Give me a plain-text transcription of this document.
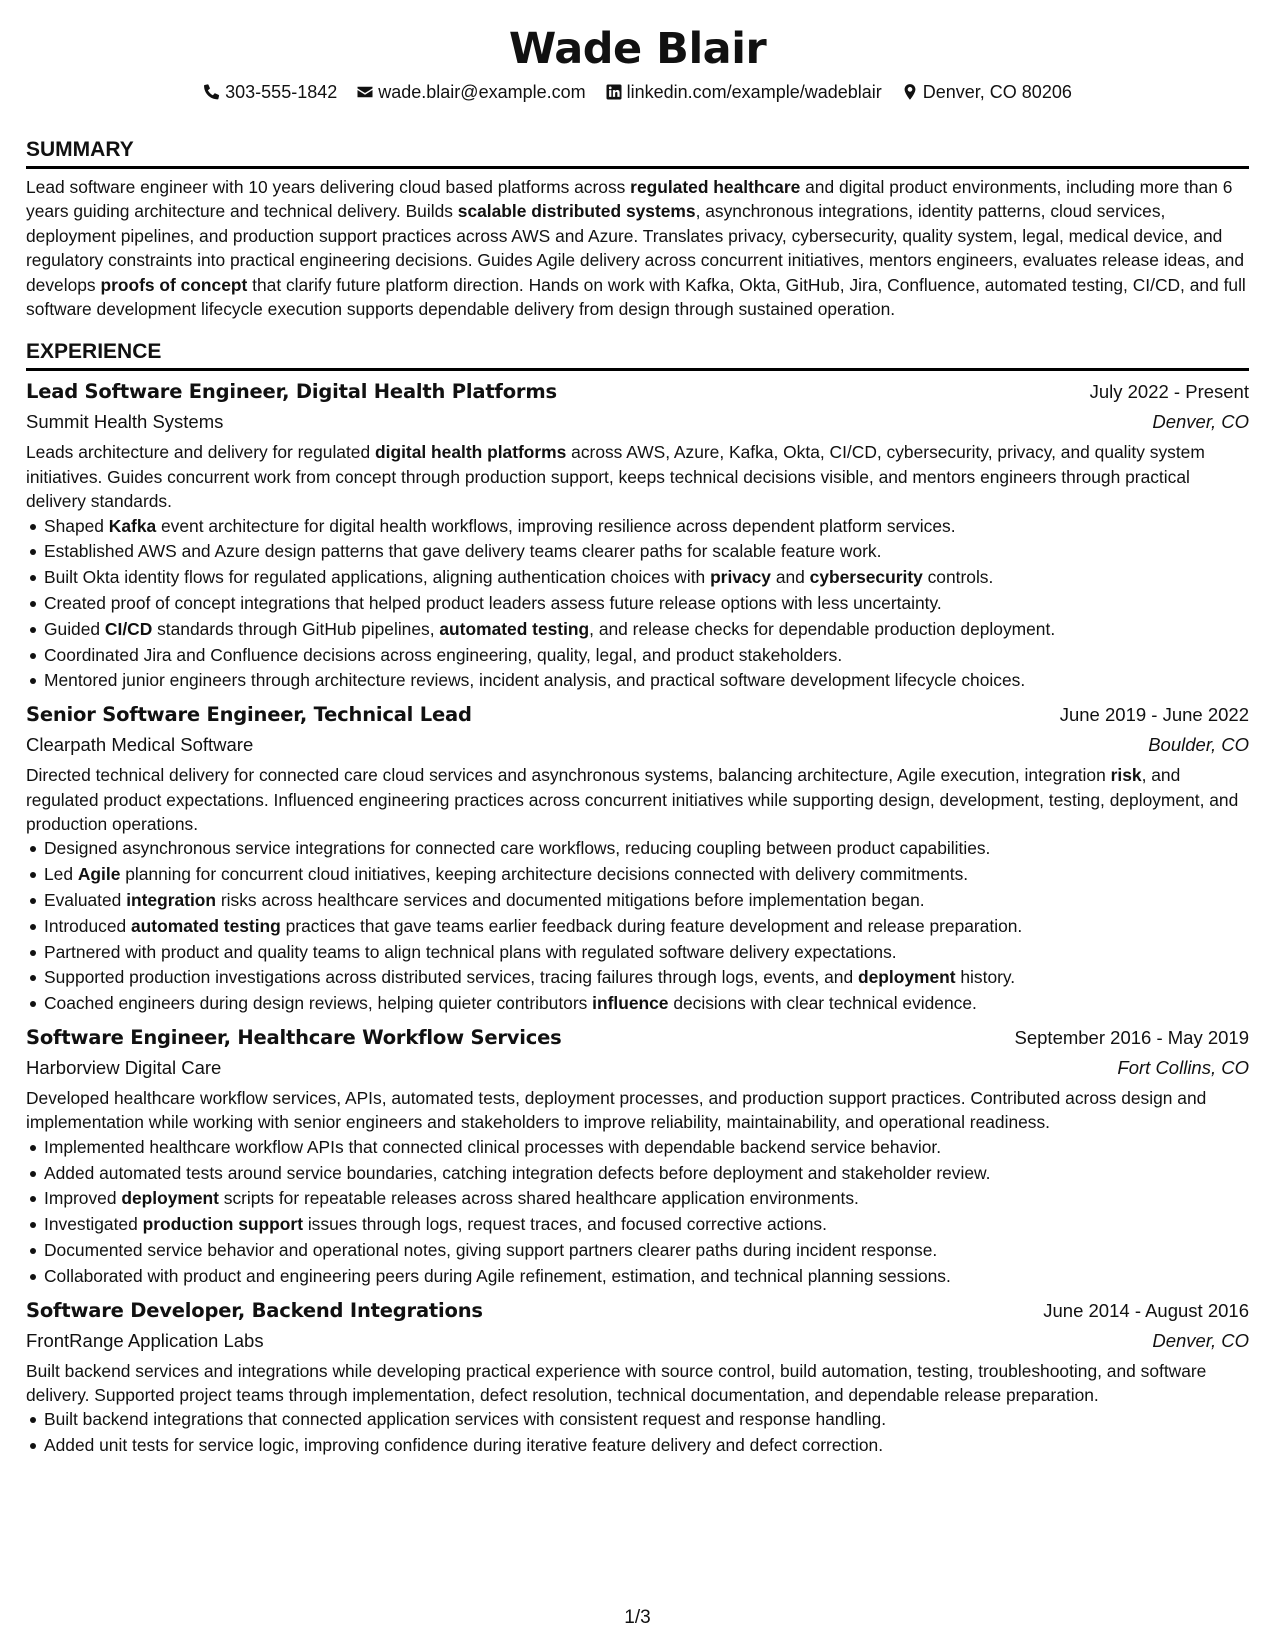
Wade Blair
303-555-1842 wade.blair@example.com linkedin.com/example/wadeblair Denver, CO 80206
SUMMARY
Lead software engineer with 10 years delivering cloud based platforms across regulated healthcare and digital product environments, including more than 6 years guiding architecture and technical delivery. Builds scalable distributed systems, asynchronous integrations, identity patterns, cloud services, deployment pipelines, and production support practices across AWS and Azure. Translates privacy, cybersecurity, quality system, legal, medical device, and regulatory constraints into practical engineering decisions. Guides Agile delivery across concurrent initiatives, mentors engineers, evaluates release ideas, and develops proofs of concept that clarify future platform direction. Hands on work with Kafka, Okta, GitHub, Jira, Confluence, automated testing, CI/CD, and full software development lifecycle execution supports dependable delivery from design through sustained operation.
EXPERIENCE
Lead Software Engineer, Digital Health Platforms	July 2022 - Present
Summit Health Systems	Denver, CO
Leads architecture and delivery for regulated digital health platforms across AWS, Azure, Kafka, Okta, CI/CD, cybersecurity, privacy, and quality system initiatives. Guides concurrent work from concept through production support, keeps technical decisions visible, and mentors engineers through practical delivery standards.
Shaped Kafka event architecture for digital health workflows, improving resilience across dependent platform services.
Established AWS and Azure design patterns that gave delivery teams clearer paths for scalable feature work.
Built Okta identity flows for regulated applications, aligning authentication choices with privacy and cybersecurity controls.
Created proof of concept integrations that helped product leaders assess future release options with less uncertainty.
Guided CI/CD standards through GitHub pipelines, automated testing, and release checks for dependable production deployment.
Coordinated Jira and Confluence decisions across engineering, quality, legal, and product stakeholders.
Mentored junior engineers through architecture reviews, incident analysis, and practical software development lifecycle choices.
Senior Software Engineer, Technical Lead	June 2019 - June 2022
Clearpath Medical Software	Boulder, CO
Directed technical delivery for connected care cloud services and asynchronous systems, balancing architecture, Agile execution, integration risk, and regulated product expectations. Influenced engineering practices across concurrent initiatives while supporting design, development, testing, deployment, and production operations.
Designed asynchronous service integrations for connected care workflows, reducing coupling between product capabilities.
Led Agile planning for concurrent cloud initiatives, keeping architecture decisions connected with delivery commitments.
Evaluated integration risks across healthcare services and documented mitigations before implementation began.
Introduced automated testing practices that gave teams earlier feedback during feature development and release preparation.
Partnered with product and quality teams to align technical plans with regulated software delivery expectations.
Supported production investigations across distributed services, tracing failures through logs, events, and deployment history.
Coached engineers during design reviews, helping quieter contributors influence decisions with clear technical evidence.
Software Engineer, Healthcare Workflow Services	September 2016 - May 2019
Harborview Digital Care	Fort Collins, CO
Developed healthcare workflow services, APIs, automated tests, deployment processes, and production support practices. Contributed across design and implementation while working with senior engineers and stakeholders to improve reliability, maintainability, and operational readiness.
Implemented healthcare workflow APIs that connected clinical processes with dependable backend service behavior.
Added automated tests around service boundaries, catching integration defects before deployment and stakeholder review.
Improved deployment scripts for repeatable releases across shared healthcare application environments.
Investigated production support issues through logs, request traces, and focused corrective actions.
Documented service behavior and operational notes, giving support partners clearer paths during incident response.
Collaborated with product and engineering peers during Agile refinement, estimation, and technical planning sessions.
Software Developer, Backend Integrations	June 2014 - August 2016
FrontRange Application Labs	Denver, CO
Built backend services and integrations while developing practical experience with source control, build automation, testing, troubleshooting, and software delivery. Supported project teams through implementation, defect resolution, technical documentation, and dependable release preparation.
Built backend integrations that connected application services with consistent request and response handling.
Added unit tests for service logic, improving confidence during iterative feature delivery and defect correction.
1/3
